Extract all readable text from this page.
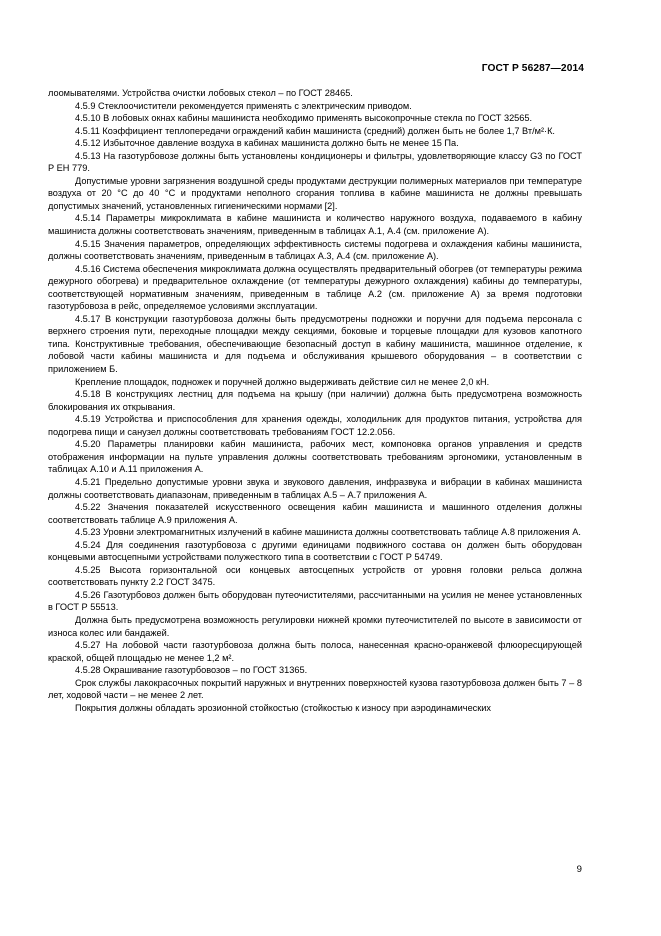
ГОСТ Р 56287—2014

лоомывателями. Устройства очистки лобовых стекол – по ГОСТ 28465.

4.5.9 Стеклоочистители рекомендуется применять с электрическим приводом.

4.5.10 В лобовых окнах кабины машиниста необходимо применять высокопрочные стекла по ГОСТ 32565.

4.5.11 Коэффициент теплопередачи ограждений кабин машиниста (средний) должен быть не более 1,7 Вт/м²·К.

4.5.12 Избыточное давление воздуха в кабинах машиниста должно быть не менее 15 Па.

4.5.13 На газотурбовозе должны быть установлены кондиционеры и фильтры, удовлетворяющие классу G3 по ГОСТ Р ЕН 779.

Допустимые уровни загрязнения воздушной среды продуктами деструкции полимерных материалов при температуре воздуха от 20 °С до 40 °С и продуктами неполного сгорания топлива в кабине машиниста не должны превышать допустимых значений, установленных гигиеническими нормами [2].

4.5.14 Параметры микроклимата в кабине машиниста и количество наружного воздуха, подаваемого в кабину машиниста должны соответствовать значениям, приведенным в таблицах А.1, А.4 (см. приложение А).

4.5.15 Значения параметров, определяющих эффективность системы подогрева и охлаждения кабины машиниста, должны соответствовать значениям, приведенным в таблицах А.3, А.4 (см. приложение А).

4.5.16 Система обеспечения микроклимата должна осуществлять предварительный обогрев (от температуры режима дежурного обогрева) и предварительное охлаждение (от температуры дежурного охлаждения) кабины до температуры, соответствующей нормативным значениям, приведенным в таблице А.2 (см. приложение А) за время подготовки газотурбовоза в рейс, определяемое условиями эксплуатации.

4.5.17 В конструкции газотурбовоза должны быть предусмотрены подножки и поручни для подъема персонала с верхнего строения пути, переходные площадки между секциями, боковые и торцевые площадки для кузовов капотного типа. Конструктивные требования, обеспечивающие безопасный доступ в кабину машиниста, машинное отделение, к лобовой части кабины машиниста и для подъема и обслуживания крышевого оборудования – в соответствии с приложением Б.

Крепление площадок, подножек и поручней должно выдерживать действие сил не менее 2,0 кН.

4.5.18 В конструкциях лестниц для подъема на крышу (при наличии) должна быть предусмотрена возможность блокирования их открывания.

4.5.19 Устройства и приспособления для хранения одежды, холодильник для продуктов питания, устройства для подогрева пищи и санузел должны соответствовать требованиям ГОСТ 12.2.056.

4.5.20 Параметры планировки кабин машиниста, рабочих мест, компоновка органов управления и средств отображения информации на пульте управления должны соответствовать требованиям эргономики, установленным в таблицах А.10 и А.11 приложения А.

4.5.21 Предельно допустимые уровни звука и звукового давления, инфразвука и вибрации в кабинах машиниста должны соответствовать диапазонам, приведенным в таблицах А.5 – А.7 приложения А.

4.5.22 Значения показателей искусственного освещения кабин машиниста и машинного отделения должны соответствовать таблице А.9 приложения А.

4.5.23 Уровни электромагнитных излучений в кабине машиниста должны соответствовать таблице А.8 приложения А.

4.5.24 Для соединения газотурбовоза с другими единицами подвижного состава он должен быть оборудован концевыми автосцепными устройствами полужесткого типа в соответствии с ГОСТ Р 54749.

4.5.25 Высота горизонтальной оси концевых автосцепных устройств от уровня головки рельса должна соответствовать пункту 2.2 ГОСТ 3475.

4.5.26 Газотурбовоз должен быть оборудован путеочистителями, рассчитанными на усилия не менее установленных в ГОСТ Р 55513.

Должна быть предусмотрена возможность регулировки нижней кромки путеочистителей по высоте в зависимости от износа колес или бандажей.

4.5.27 На лобовой части газотурбовоза должна быть полоса, нанесенная красно-оранжевой флюоресцирующей краской, общей площадью не менее 1,2 м².

4.5.28 Окрашивание газотурбовозов – по ГОСТ 31365.

Срок службы лакокрасочных покрытий наружных и внутренних поверхностей кузова газотурбовоза должен быть 7 – 8 лет, ходовой части – не менее 2 лет.

Покрытия должны обладать эрозионной стойкостью (стойкостью к износу при аэродинамических

9
